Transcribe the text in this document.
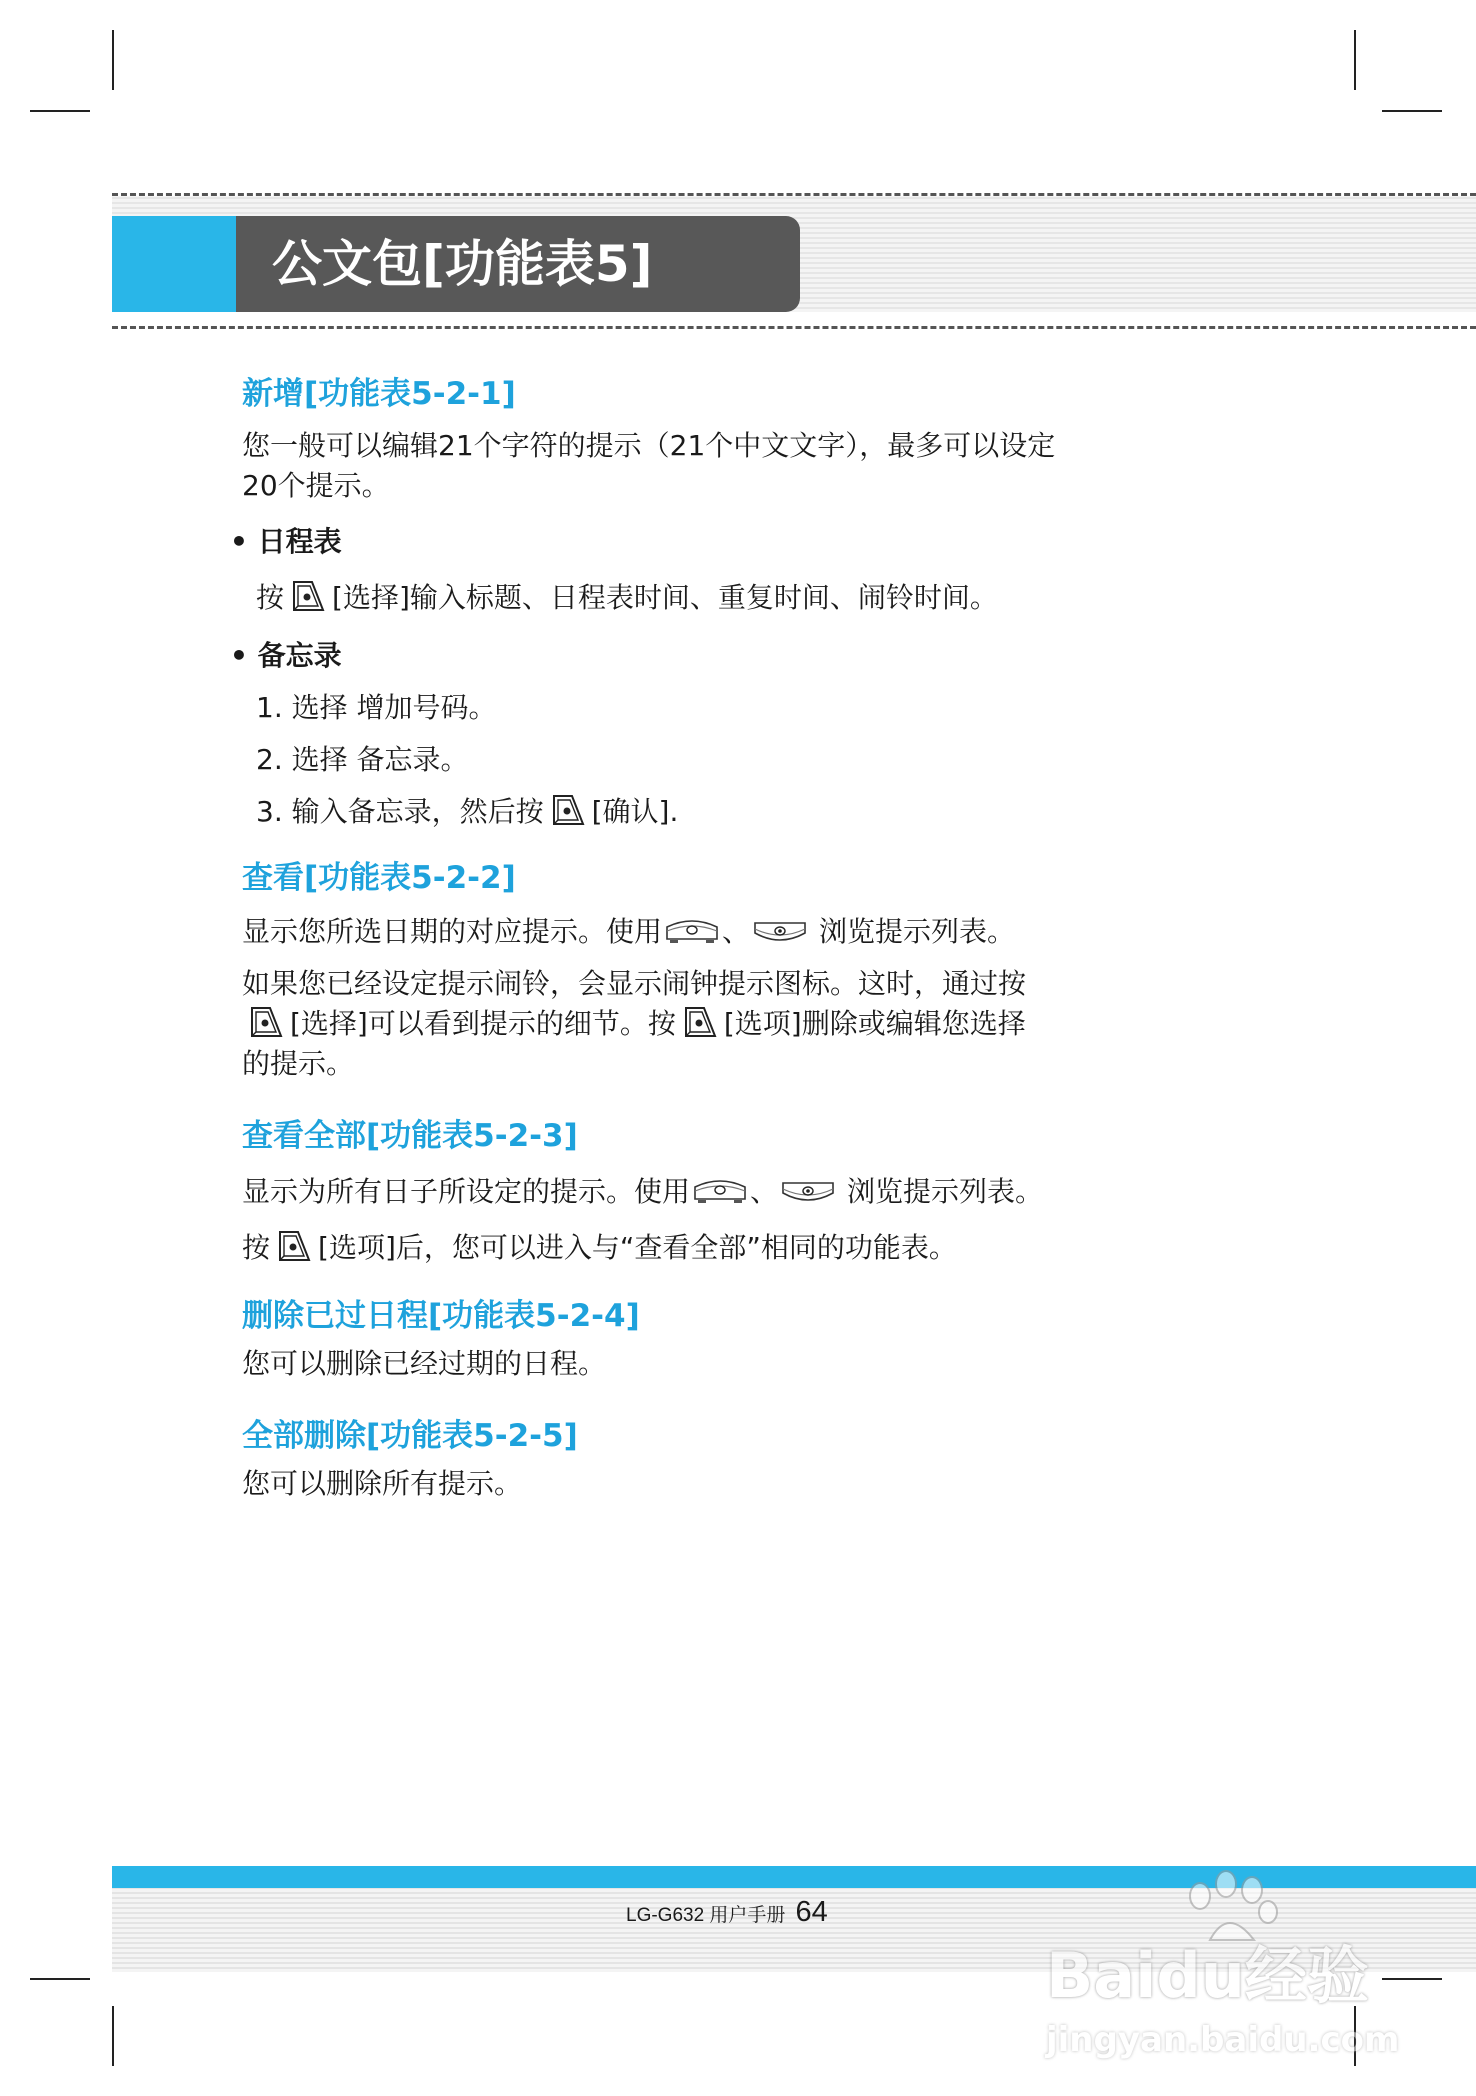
公文包[功能表5]
新增[功能表5-2-1]

您一般可以编辑21个字符的提示（21个中文文字），最多可以设定

20个提示。

• 日程表

按 [选择]输入标题、日程表时间、重复时间、闹铃时间。

• 备忘录

1. 选择 增加号码。

2. 选择 备忘录。

3. 输入备忘录，然后按 [确认].

查看[功能表5-2-2]

显示您所选日期的对应提示。使用 、 浏览提示列表。

如果您已经设定提示闹铃，会显示闹钟提示图标。这时，通过按

[选择]可以看到提示的细节。按 [选项]删除或编辑您选择

的提示。

查看全部[功能表5-2-3]

显示为所有日子所设定的提示。使用 、 浏览提示列表。

按 [选项]后，您可以进入与“查看全部”相同的功能表。

删除已过日程[功能表5-2-4]

您可以删除已经过期的日程。

全部删除[功能表5-2-5]

您可以删除所有提示。

LG-G632 用户手册 64
Baidu经验
jingyan.baidu.com
